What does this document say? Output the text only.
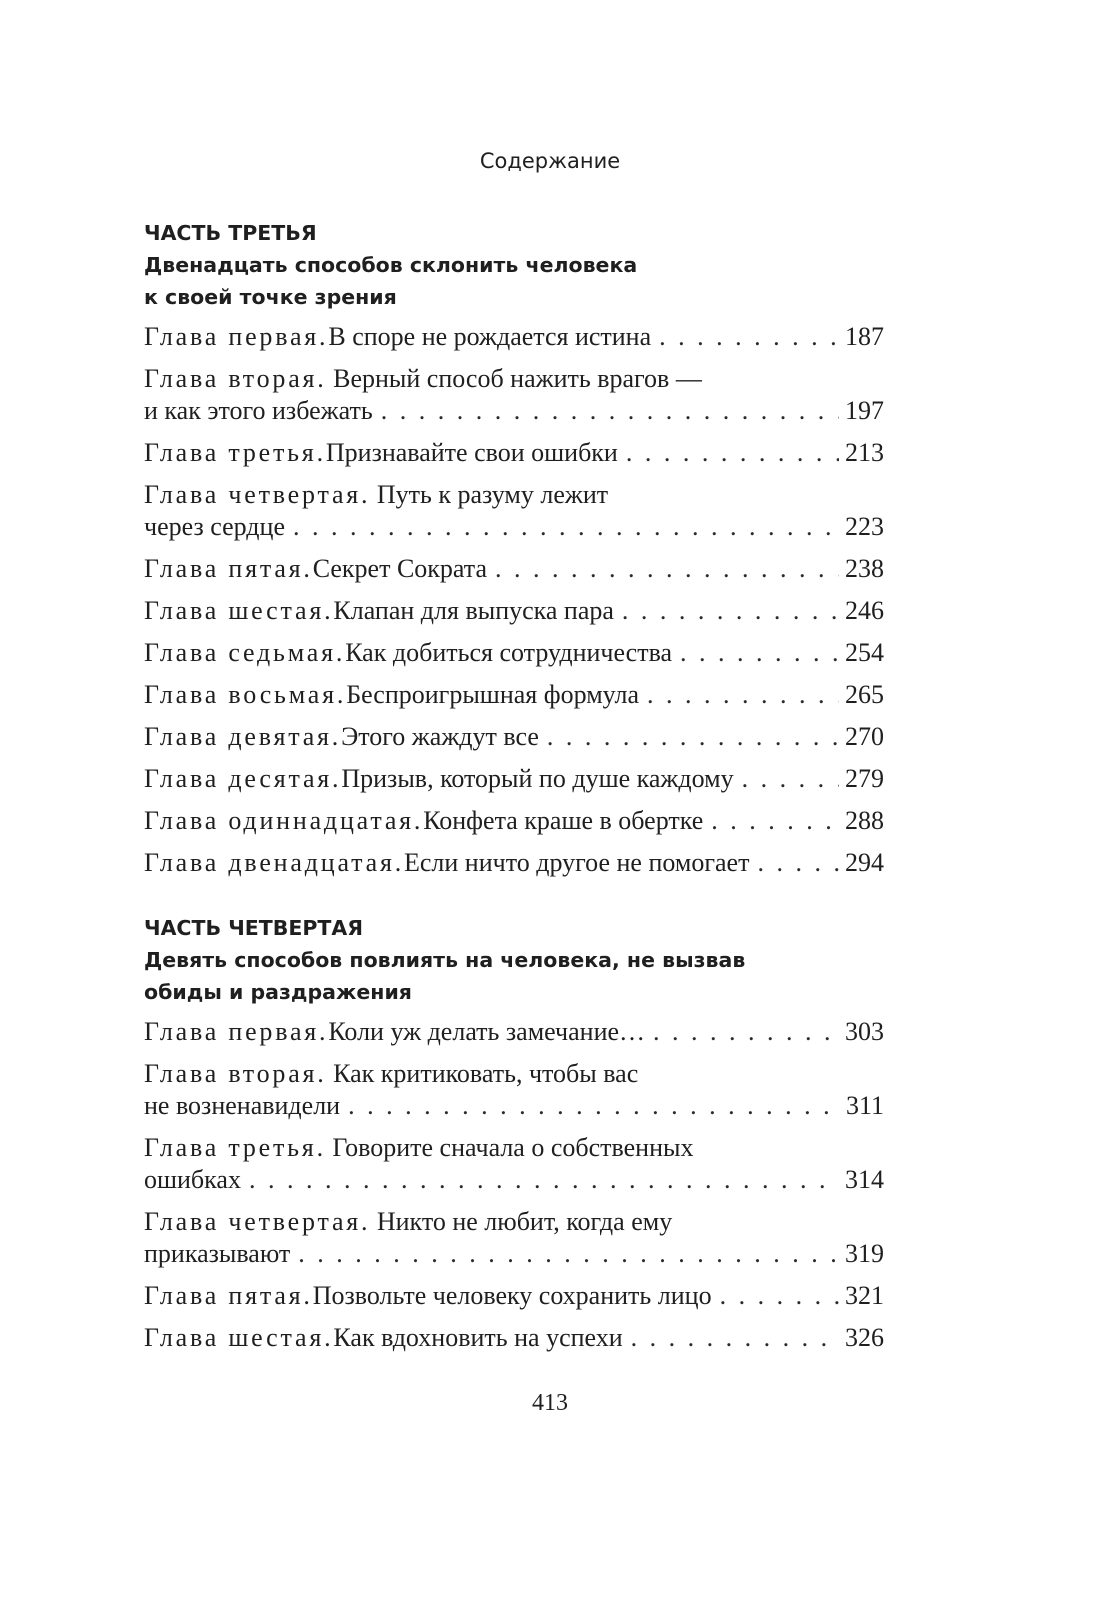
Содержание
ЧАСТЬ ТРЕТЬЯ
Двенадцать способов склонить человека
к своей точке зрения
Глава первая. В споре не рождается истина . . .	187
Глава вторая. Верный способ нажить врагов —
и как этого избежать . . .	197
Глава третья. Признавайте свои ошибки . . .	213
Глава четвертая. Путь к разуму лежит
через сердце . . .	223
Глава пятая. Секрет Сократа . . .	238
Глава шестая. Клапан для выпуска пара . . .	246
Глава седьмая. Как добиться сотрудничества . . .	254
Глава восьмая. Беспроигрышная формула . . .	265
Глава девятая. Этого жаждут все . . .	270
Глава десятая. Призыв, который по душе каждому . . .	279
Глава одиннадцатая. Конфета краше в обертке . . .	288
Глава двенадцатая. Если ничто другое не помогает . . .	294
ЧАСТЬ ЧЕТВЕРТАЯ
Девять способов повлиять на человека, не вызвав
обиды и раздражения
Глава первая. Коли уж делать замечание… . . .	303
Глава вторая. Как критиковать, чтобы вас
не возненавидели . . .	311
Глава третья. Говорите сначала о собственных
ошибках . . .	314
Глава четвертая. Никто не любит, когда ему
приказывают . . .	319
Глава пятая. Позвольте человеку сохранить лицо . . .	321
Глава шестая. Как вдохновить на успехи . . .	326
413
